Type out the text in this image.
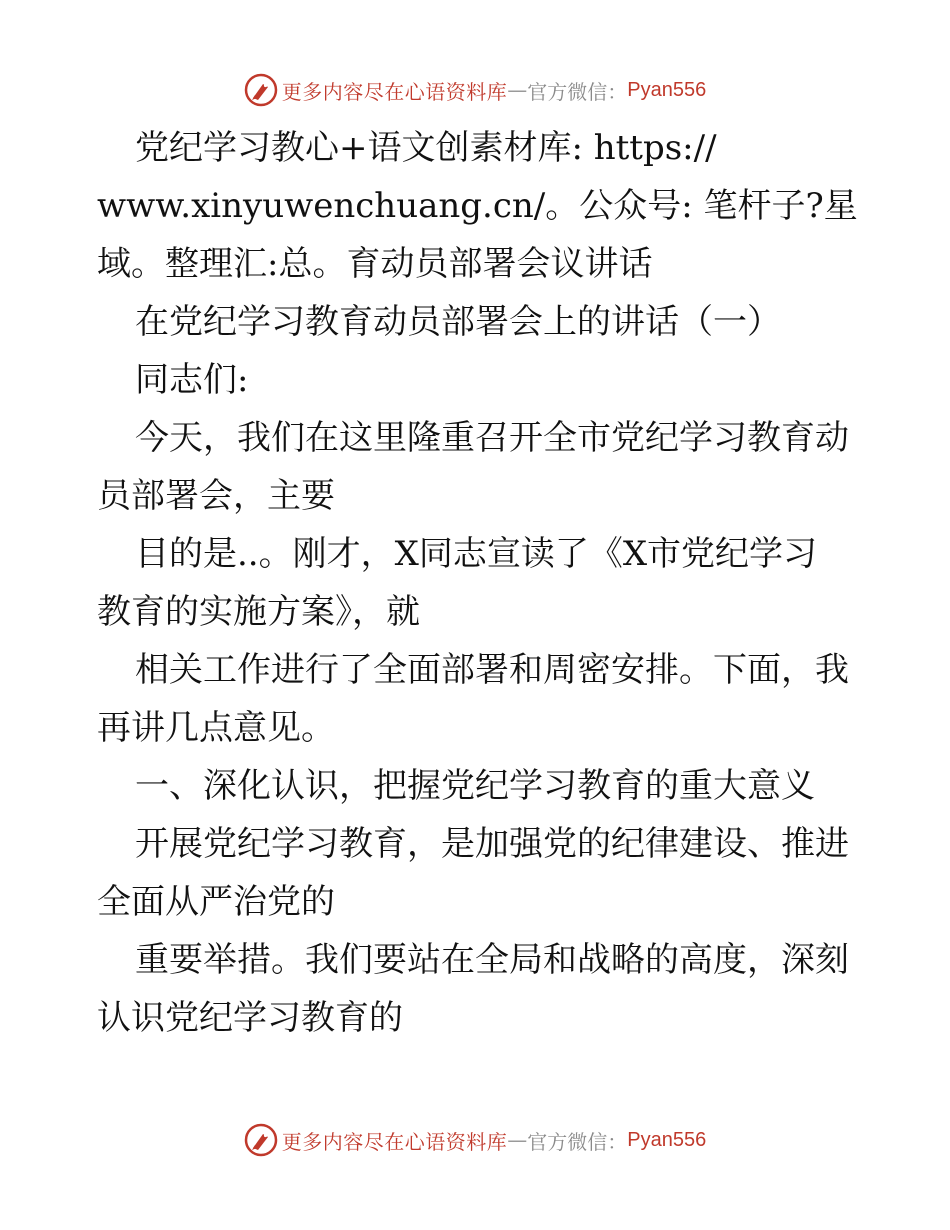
更多内容尽在心语资料库 — 官方微信： Pyan556
党纪学习教心+语文创素材库: https://
www.xinyuwenchuang.cn/。公众号: 笔杆子?星
域。整理汇:总。育动员部署会议讲话
在党纪学习教育动员部署会上的讲话（一）
同志们:
今天，我们在这里隆重召开全市党纪学习教育动
员部署会，主要
目的是..。刚才，X同志宣读了《X市党纪学习
教育的实施方案》，就
相关工作进行了全面部署和周密安排。下面，我
再讲几点意见。
一、深化认识，把握党纪学习教育的重大意义
开展党纪学习教育，是加强党的纪律建设、推进
全面从严治党的
重要举措。我们要站在全局和战略的高度，深刻
认识党纪学习教育的
更多内容尽在心语资料库 — 官方微信： Pyan556
